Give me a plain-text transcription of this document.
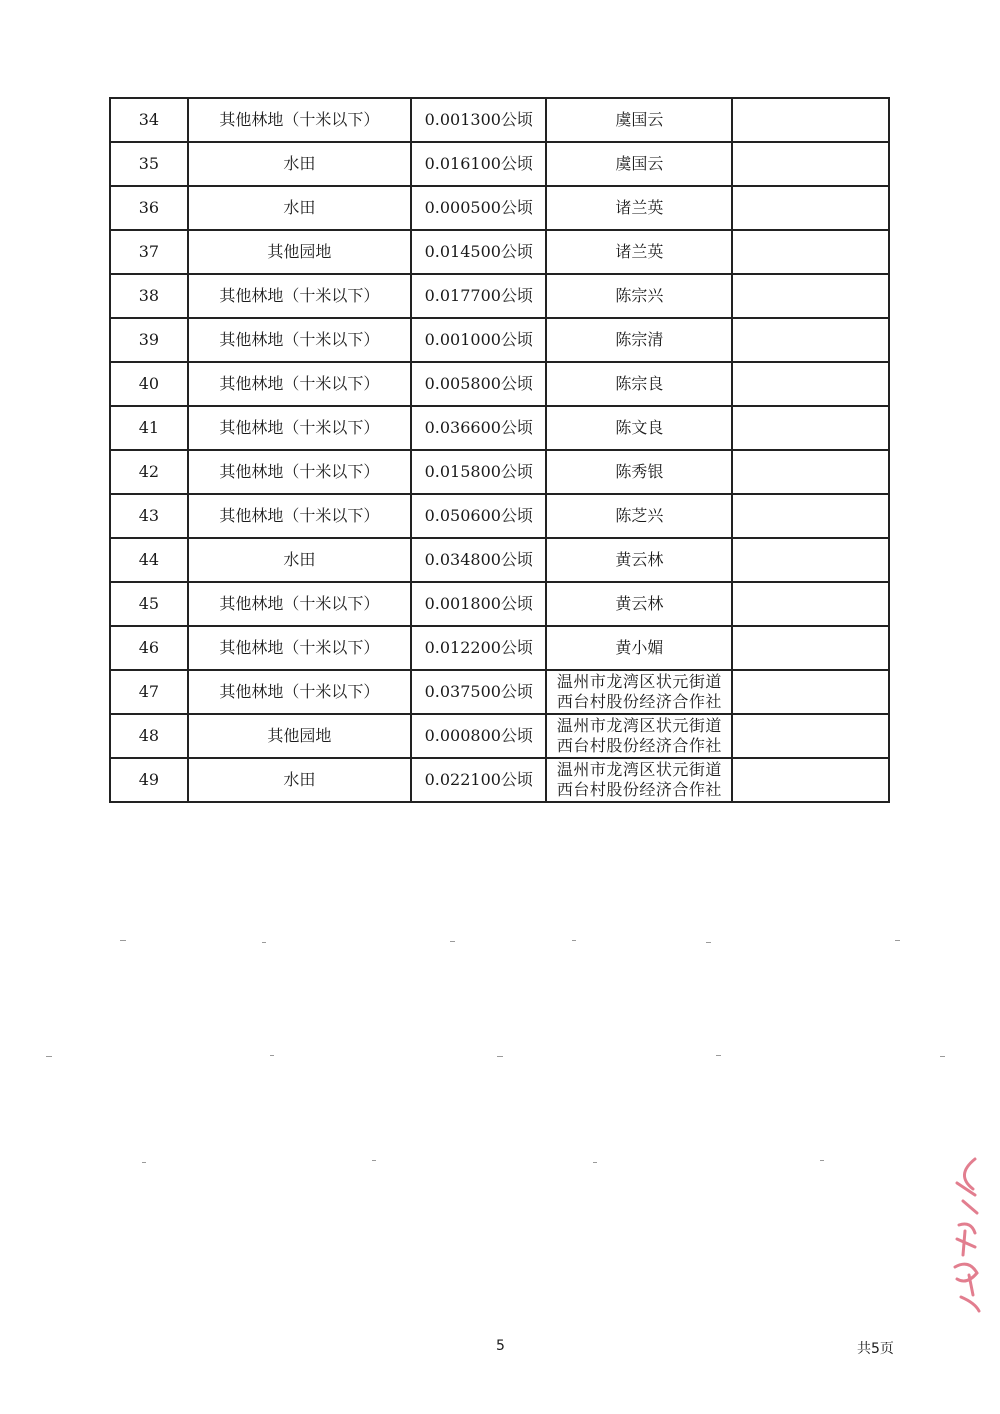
34	其他林地（十米以下）	0.001300公顷	虞国云	
35	水田	0.016100公顷	虞国云	
36	水田	0.000500公顷	诸兰英	
37	其他园地	0.014500公顷	诸兰英	
38	其他林地（十米以下）	0.017700公顷	陈宗兴	
39	其他林地（十米以下）	0.001000公顷	陈宗清	
40	其他林地（十米以下）	0.005800公顷	陈宗良	
41	其他林地（十米以下）	0.036600公顷	陈文良	
42	其他林地（十米以下）	0.015800公顷	陈秀银	
43	其他林地（十米以下）	0.050600公顷	陈芝兴	
44	水田	0.034800公顷	黄云林	
45	其他林地（十米以下）	0.001800公顷	黄云林	
46	其他林地（十米以下）	0.012200公顷	黄小媚	
47	其他林地（十米以下）	0.037500公顷	温州市龙湾区状元街道
西台村股份经济合作社	

48	其他园地	0.000800公顷	温州市龙湾区状元街道
西台村股份经济合作社	

49	水田	0.022100公顷	温州市龙湾区状元街道
西台村股份经济合作社	

5	共5页
